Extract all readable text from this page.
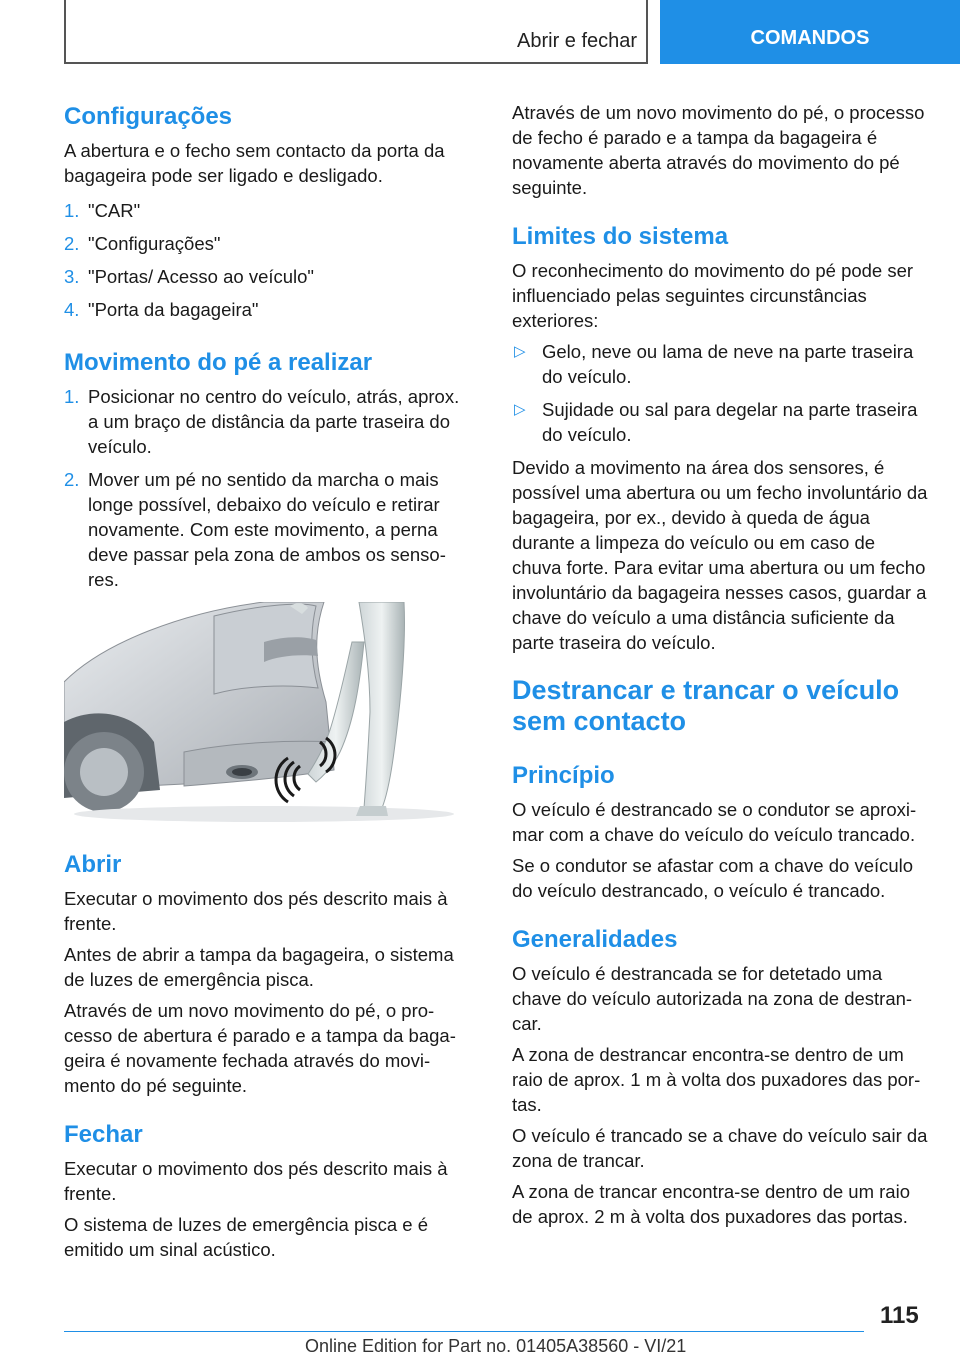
Abrir e fechar	COMANDOS
Configurações

A abertura e o fecho sem contacto da porta da bagageira pode ser ligado e desligado.

1. "CAR"
2. "Configurações"
3. "Portas/ Acesso ao veículo"
4. "Porta da bagageira"
Movimento do pé a realizar
1. Posicionar no centro do veículo, atrás, aprox. a um braço de distância da parte traseira do veículo.
2. Mover um pé no sentido da marcha o mais longe possível, debaixo do veículo e retirar novamente. Com este movimento, a perna deve passar pela zona de ambos os sensores.
Abrir

Executar o movimento dos pés descrito mais à frente.

Antes de abrir a tampa da bagageira, o sistema de luzes de emergência pisca.

Através de um novo movimento do pé, o processo de abertura é parado e a tampa da bagageira é novamente fechada através do movimento do pé seguinte.

Fechar

Executar o movimento dos pés descrito mais à frente.

O sistema de luzes de emergência pisca e é emitido um sinal acústico.

Através de um novo movimento do pé, o processo de fecho é parado e a tampa da bagageira é novamente aberta através do movimento do pé seguinte.

Limites do sistema

O reconhecimento do movimento do pé pode ser influenciado pelas seguintes circunstâncias exteriores:

▷ Gelo, neve ou lama de neve na parte traseira do veículo.
▷ Sujidade ou sal para degelar na parte traseira do veículo.

Devido a movimento na área dos sensores, é possível uma abertura ou um fecho involuntário da bagageira, por ex., devido à queda de água durante a limpeza do veículo ou em caso de chuva forte. Para evitar uma abertura ou um fecho involuntário da bagageira nesses casos, guardar a chave do veículo a uma distância suficiente da parte traseira do veículo.

Destrancar e trancar o veículo sem contacto
Princípio

O veículo é destrancado se o condutor se aproximar com a chave do veículo do veículo trancado.

Se o condutor se afastar com a chave do veículo do veículo destrancado, o veículo é trancado.

Generalidades

O veículo é destrancada se for detetado uma chave do veículo autorizada na zona de destrancar.

A zona de destrancar encontra-se dentro de um raio de aprox. 1 m à volta dos puxadores das portas.

O veículo é trancado se a chave do veículo sair da zona de trancar.

A zona de trancar encontra-se dentro de um raio de aprox. 2 m à volta dos puxadores das portas.

115
Online Edition for Part no. 01405A38560 - VI/21
